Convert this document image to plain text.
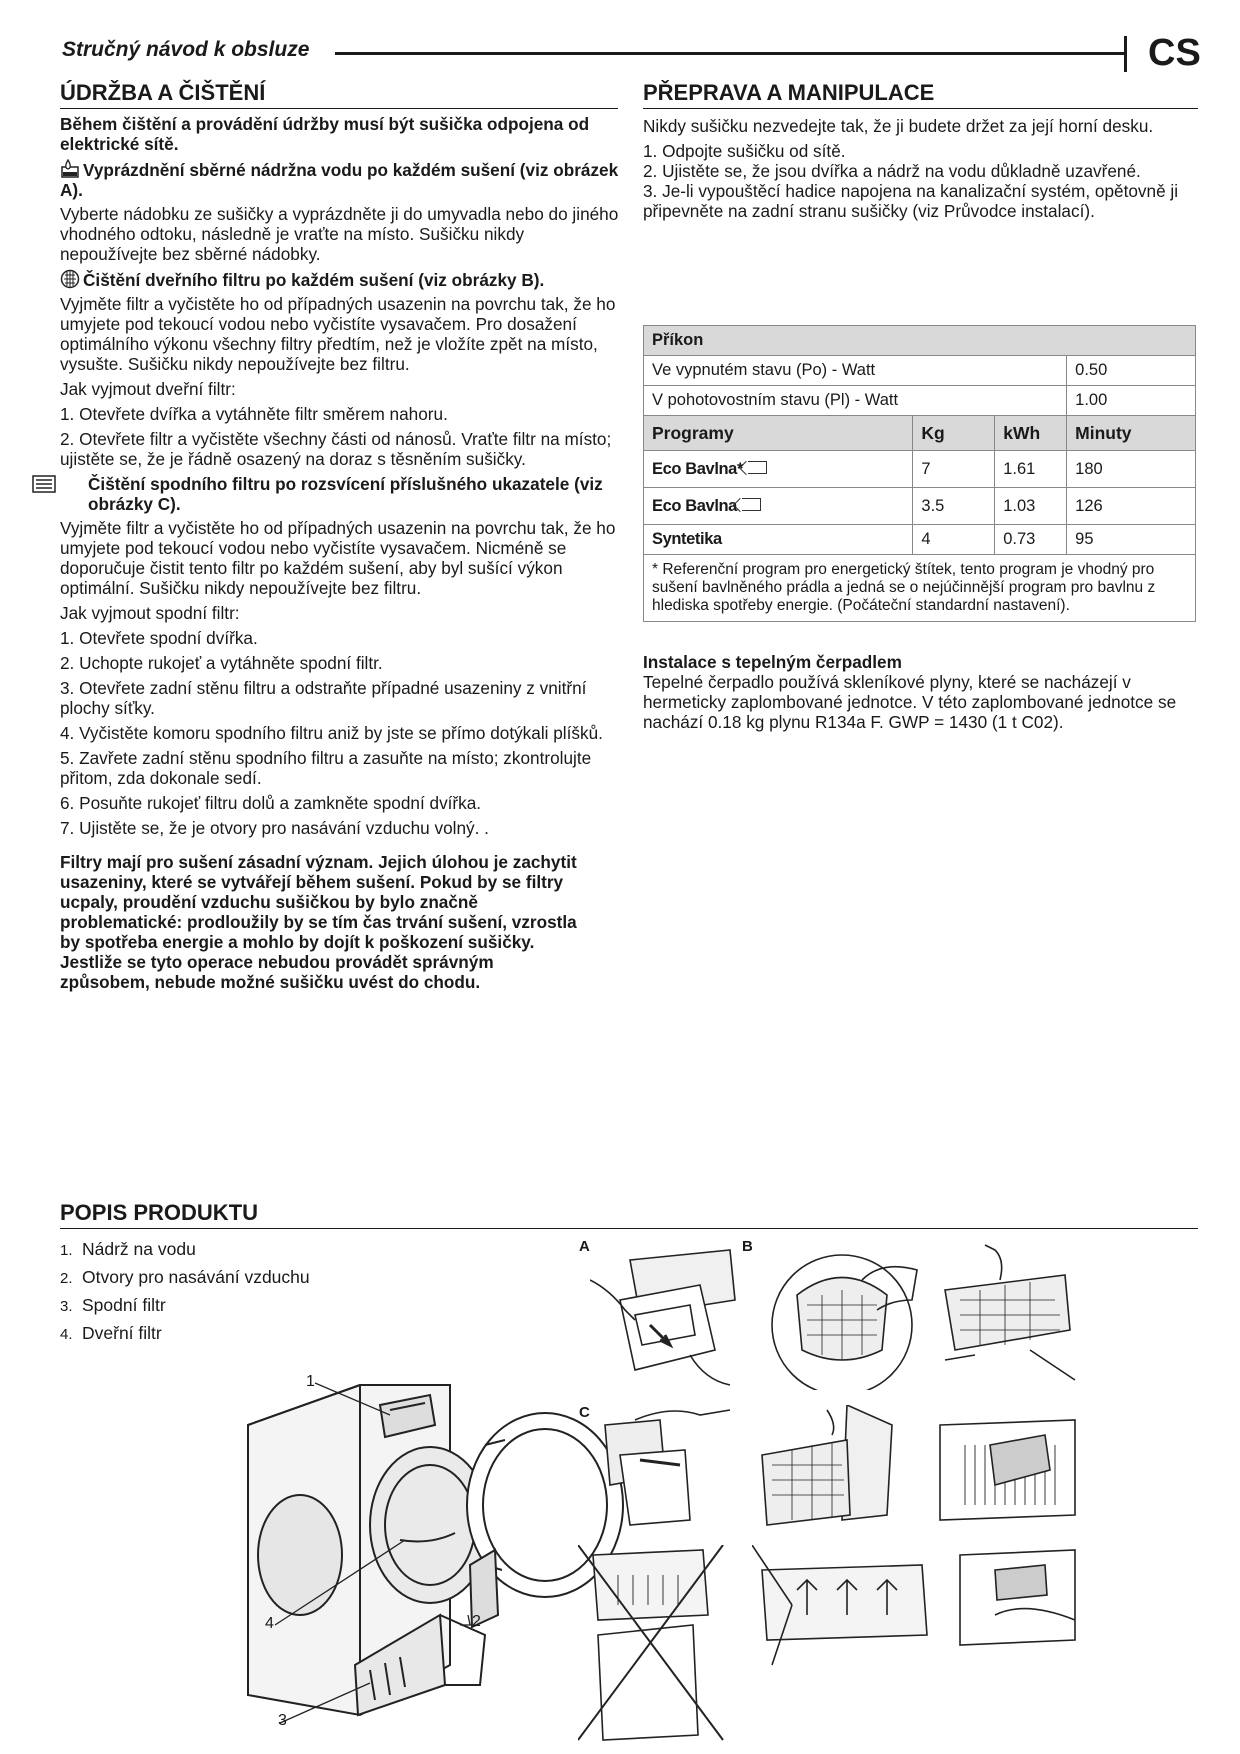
Stručný návod k obsluze	CS
ÚDRŽBA A ČIŠTĚNÍ

Během čištění a provádění údržby musí být sušička odpojena od elektrické sítě.

Vyprázdnění sběrné nádržna vodu po každém sušení (viz obrázek A).

Vyberte nádobku ze sušičky a vyprázdněte ji do umyvadla nebo do jiného vhodného odtoku, následně je vraťte na místo. Sušičku nikdy nepoužívejte bez sběrné nádobky.

Čištění dveřního filtru po každém sušení (viz obrázky B).

Vyjměte filtr a vyčistěte ho od případných usazenin na povrchu tak, že ho umyjete pod tekoucí vodou nebo vyčistíte vysavačem. Pro dosažení optimálního výkonu všechny filtry předtím, než je vložíte zpět na místo, vysušte. Sušičku nikdy nepoužívejte bez filtru.

Jak vyjmout dveřní filtr:

1. Otevřete dvířka a vytáhněte filtr směrem nahoru.

2. Otevřete filtr a vyčistěte všechny části od nánosů. Vraťte filtr na místo; ujistěte se, že je řádně osazený na doraz s těsněním sušičky.

Čištění spodního filtru po rozsvícení příslušného ukazatele (viz obrázky C).

Vyjměte filtr a vyčistěte ho od případných usazenin na povrchu tak, že ho umyjete pod tekoucí vodou nebo vyčistíte vysavačem. Nicméně se doporučuje čistit tento filtr po každém sušení, aby byl sušící výkon optimální. Sušičku nikdy nepoužívejte bez filtru.

Jak vyjmout spodní filtr:

1. Otevřete spodní dvířka.

2. Uchopte rukojeť a vytáhněte spodní filtr.

3. Otevřete zadní stěnu filtru a odstraňte případné usazeniny z vnitřní plochy síťky.

4. Vyčistěte komoru spodního filtru aniž by jste se přímo dotýkali plíšků.

5. Zavřete zadní stěnu spodního filtru a zasuňte na místo; zkontrolujte přitom, zda dokonale sedí.

6. Posuňte rukojeť filtru dolů a zamkněte spodní dvířka.

7. Ujistěte se, že je otvory pro nasávání vzduchu volný. .

Filtry mají pro sušení zásadní význam. Jejich úlohou je zachytit usazeniny, které se vytvářejí během sušení. Pokud by se filtry ucpaly, proudění vzduchu sušičkou by bylo značně problematické: prodloužily by se tím čas trvání sušení, vzrostla by spotřeba energie a mohlo by dojít k poškození sušičky. Jestliže se tyto operace nebudou provádět správným způsobem, nebude možné sušičku uvést do chodu.

PŘEPRAVA A MANIPULACE

Nikdy sušičku nezvedejte tak, že ji budete držet za její horní desku.

1. Odpojte sušičku od sítě.

2. Ujistěte se, že jsou dvířka a nádrž na vodu důkladně uzavřené.

3. Je-li vypouštěcí hadice napojena na kanalizační systém, opětovně ji připevněte na zadní stranu sušičky (viz Průvodce instalací).

Příkon			
Ve vypnutém stavu (Po) - Watt			0.50
V pohotovostním stavu (Pl) - Watt			1.00
Programy	Kg	kWh	Minuty
Eco Bavlna*	7	1.61	180
Eco Bavlna	3.5	1.03	126
Syntetika	4	0.73	95
* Referenční program pro energetický štítek, tento program je vhodný pro sušení bavlněného prádla a jedná se o nejúčinnější program pro bavlnu z hlediska spotřeby energie. (Počáteční standardní nastavení).			

Instalace s tepelným čerpadlem

Tepelné čerpadlo používá skleníkové plyny, které se nacházejí v hermeticky zaplombované jednotce. V této zaplombované jednotce se nachází 0.18 kg plynu R134a F. GWP = 1430 (1 t C02).

POPIS PRODUKTU
1. Nádrž na vodu
2. Otvory pro nasávání vzduchu
3. Spodní filtr
4. Dveřní filtr
1
2
3
4
A	B
C
